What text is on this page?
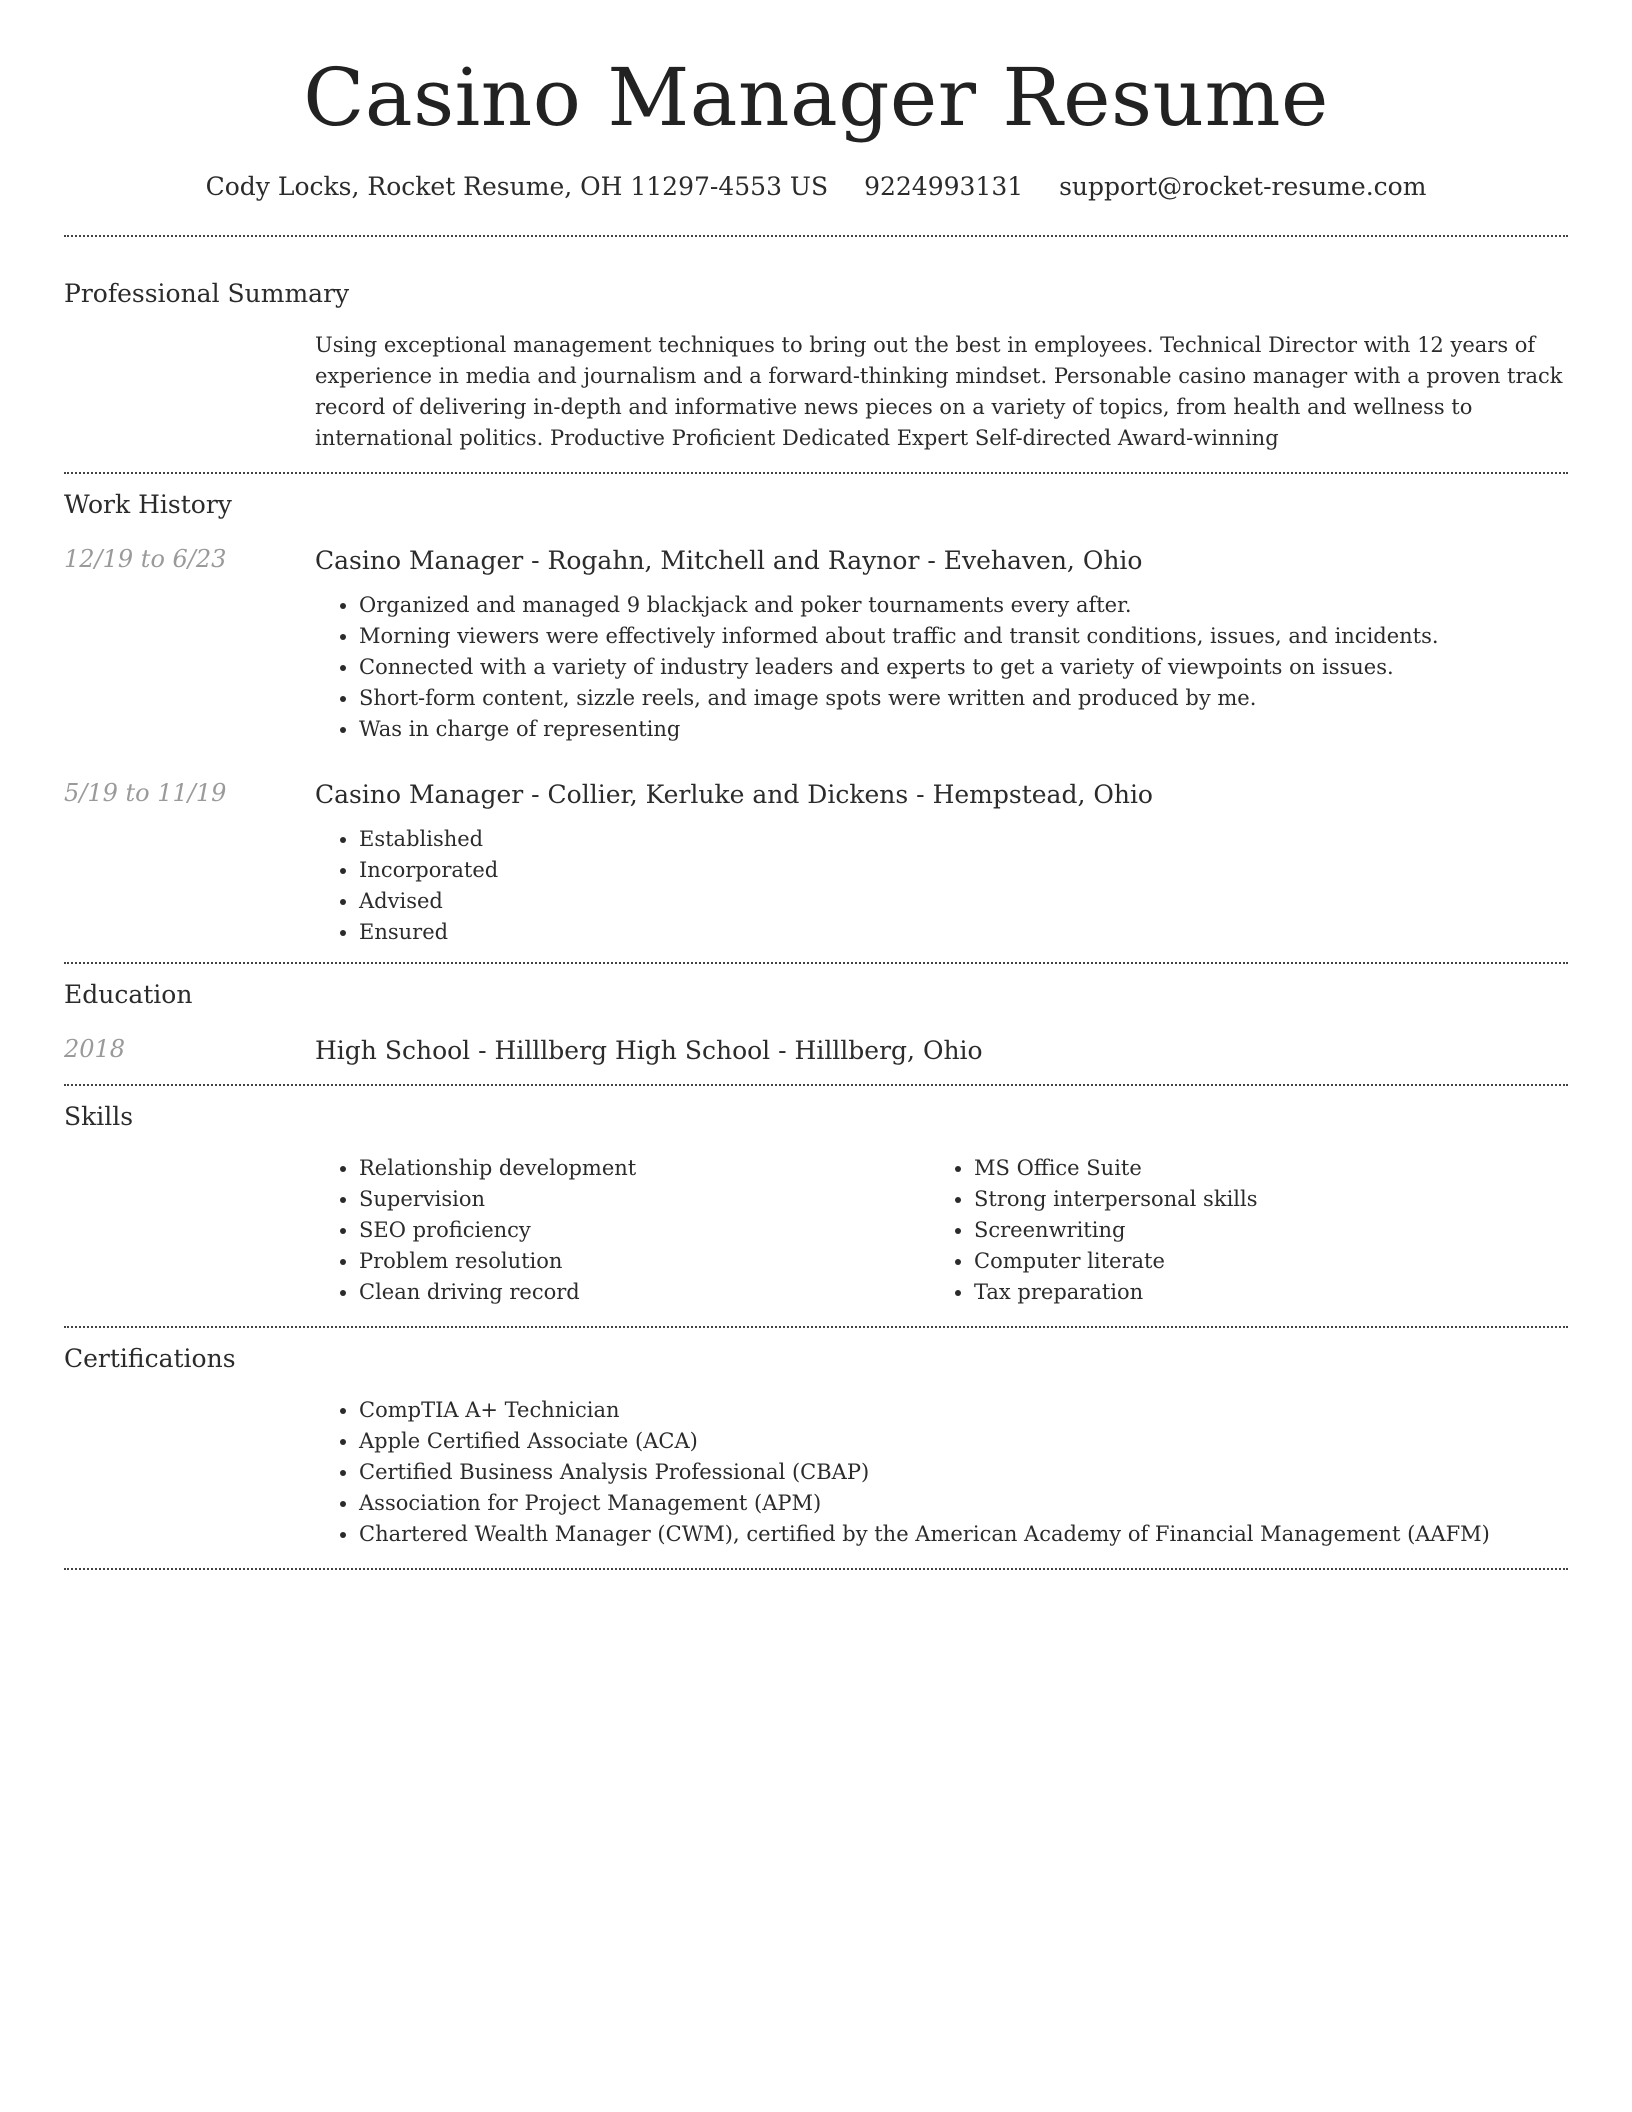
Casino Manager Resume
Cody Locks, Rocket Resume, OH 11297-4553 US 9224993131 support@rocket-resume.com
Professional Summary
Using exceptional management techniques to bring out the best in employees. Technical Director with 12 years of experience in media and journalism and a forward-thinking mindset. Personable casino manager with a proven track record of delivering in-depth and informative news pieces on a variety of topics, from health and wellness to international politics. Productive Proficient Dedicated Expert Self-directed Award-winning
Work History
12/19 to 6/23	Casino Manager - Rogahn, Mitchell and Raynor - Evehaven, Ohio
• Organized and managed 9 blackjack and poker tournaments every after.
• Morning viewers were effectively informed about traffic and transit conditions, issues, and incidents.
• Connected with a variety of industry leaders and experts to get a variety of viewpoints on issues.
• Short-form content, sizzle reels, and image spots were written and produced by me.
• Was in charge of representing
5/19 to 11/19	Casino Manager - Collier, Kerluke and Dickens - Hempstead, Ohio
• Established
• Incorporated
• Advised
• Ensured
Education
2018	High School - Hilllberg High School - Hilllberg, Ohio
Skills
• Relationship development
• Supervision
• SEO proficiency
• Problem resolution
• Clean driving record
• MS Office Suite
• Strong interpersonal skills
• Screenwriting
• Computer literate
• Tax preparation
Certifications
• CompTIA A+ Technician
• Apple Certified Associate (ACA)
• Certified Business Analysis Professional (CBAP)
• Association for Project Management (APM)
• Chartered Wealth Manager (CWM), certified by the American Academy of Financial Management (AAFM)
